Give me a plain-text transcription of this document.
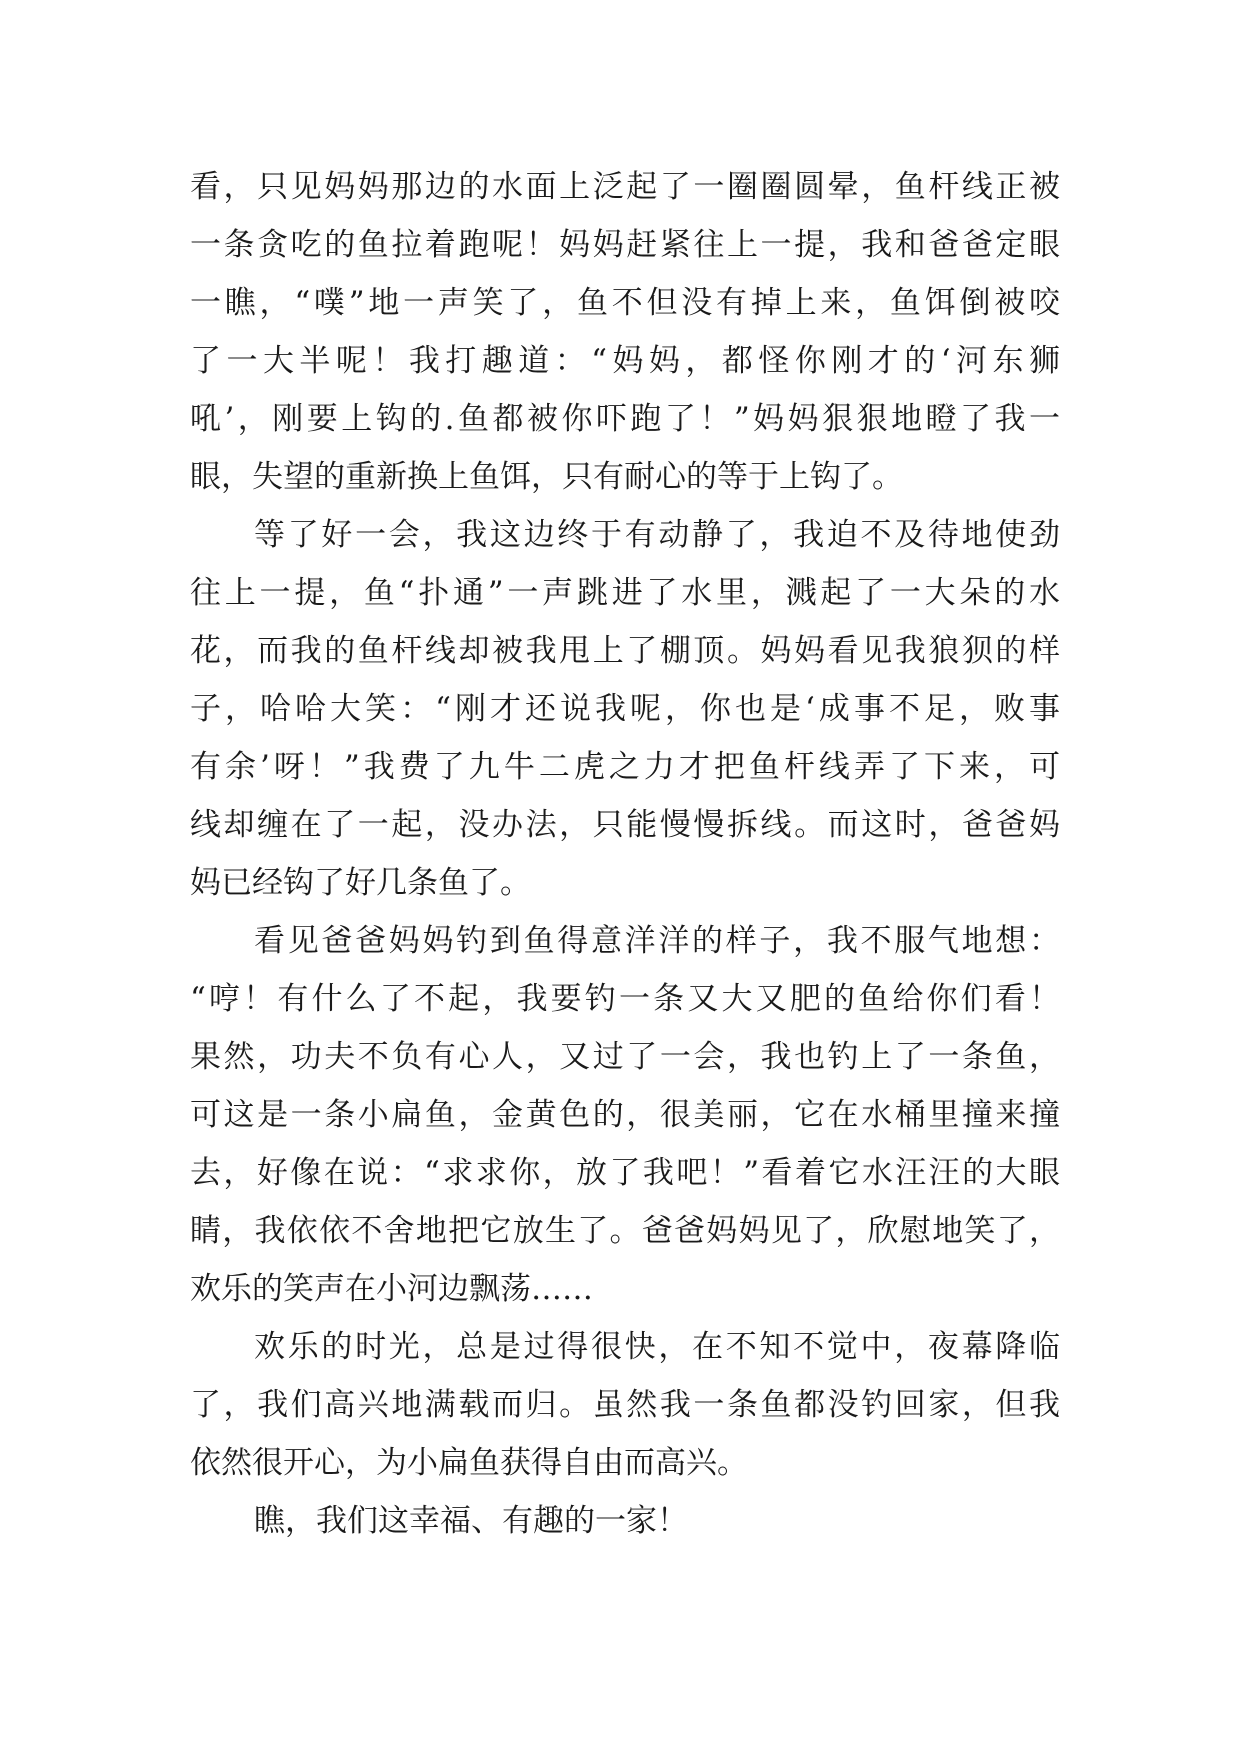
看，只见妈妈那边的水面上泛起了一圈圈圆晕，鱼杆线正被
一条贪吃的鱼拉着跑呢！妈妈赶紧往上一提，我和爸爸定眼
一瞧，“噗”地一声笑了，鱼不但没有掉上来，鱼饵倒被咬
了一大半呢！我打趣道：“妈妈，都怪你刚才的‘河东狮
吼’，刚要上钩的.鱼都被你吓跑了！”妈妈狠狠地瞪了我一
眼，失望的重新换上鱼饵，只有耐心的等于上钩了。
等了好一会，我这边终于有动静了，我迫不及待地使劲
往上一提，鱼“扑通”一声跳进了水里，溅起了一大朵的水
花，而我的鱼杆线却被我甩上了棚顶。妈妈看见我狼狈的样
子，哈哈大笑：“刚才还说我呢，你也是‘成事不足，败事
有余’呀！”我费了九牛二虎之力才把鱼杆线弄了下来，可
线却缠在了一起，没办法，只能慢慢拆线。而这时，爸爸妈
妈已经钩了好几条鱼了。
看见爸爸妈妈钓到鱼得意洋洋的样子，我不服气地想：
“哼！有什么了不起，我要钓一条又大又肥的鱼给你们看！
果然，功夫不负有心人，又过了一会，我也钓上了一条鱼，
可这是一条小扁鱼，金黄色的，很美丽，它在水桶里撞来撞
去，好像在说：“求求你，放了我吧！”看着它水汪汪的大眼
睛，我依依不舍地把它放生了。爸爸妈妈见了，欣慰地笑了，
欢乐的笑声在小河边飘荡……
欢乐的时光，总是过得很快，在不知不觉中，夜幕降临
了，我们高兴地满载而归。虽然我一条鱼都没钓回家，但我
依然很开心，为小扁鱼获得自由而高兴。
瞧，我们这幸福、有趣的一家！
